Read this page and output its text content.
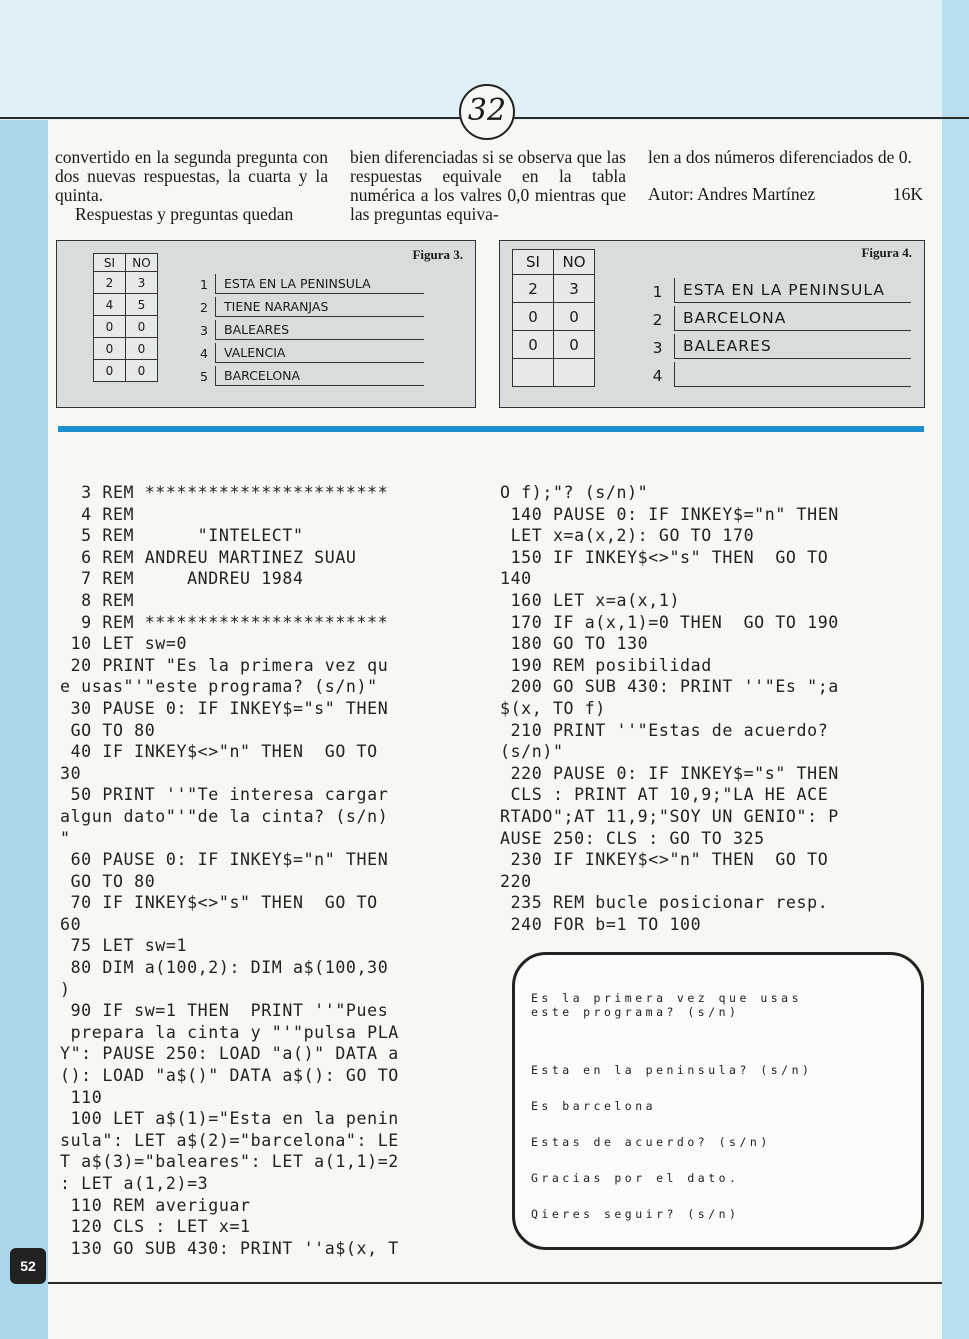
32

convertido en la segunda pregunta con dos nuevas respuestas, la cuarta y la quinta.

Respuestas y preguntas quedan

bien diferenciadas si se observa que las respuestas equivale en la tabla numérica a los valres 0,0 mientras que las preguntas equiva-

len a dos números diferenciados de 0.

Autor: Andres Martínez	16K
Figura 3.
SI	NO
2	3
4	5
0	0
0	0
0	0
1	ESTA EN LA PENINSULA
2	TIENE NARANJAS
3	BALEARES
4	VALENCIA
5	BARCELONA
Figura 4.
SI	NO
2	3
0	0
0	0

1	ESTA EN LA PENINSULA
2	BARCELONA
3	BALEARES
4
3 REM ***********************
4 REM
5 REM      "INTELECT"
6 REM ANDREU MARTINEZ SUAU
7 REM     ANDREU 1984
8 REM
9 REM ***********************
10 LET sw=0
20 PRINT "Es la primera vez qu
e usas"'"este programa? (s/n)"
30 PAUSE 0: IF INKEY$="s" THEN
GO TO 80
40 IF INKEY$<>"n" THEN  GO TO
30
50 PRINT ''"Te interesa cargar
algun dato"'"de la cinta? (s/n)
"
60 PAUSE 0: IF INKEY$="n" THEN
GO TO 80
70 IF INKEY$<>"s" THEN  GO TO
60
75 LET sw=1
80 DIM a(100,2): DIM a$(100,30
)
90 IF sw=1 THEN  PRINT ''"Pues
prepara la cinta y "'"pulsa PLA
Y": PAUSE 250: LOAD "a()" DATA a
(): LOAD "a$()" DATA a$(): GO TO
110
100 LET a$(1)="Esta en la penin
sula": LET a$(2)="barcelona": LE
T a$(3)="baleares": LET a(1,1)=2
: LET a(1,2)=3
110 REM averiguar
120 CLS : LET x=1
130 GO SUB 430: PRINT ''a$(x, T
O f);"? (s/n)"
140 PAUSE 0: IF INKEY$="n" THEN
LET x=a(x,2): GO TO 170
150 IF INKEY$<>"s" THEN  GO TO
140
160 LET x=a(x,1)
170 IF a(x,1)=0 THEN  GO TO 190
180 GO TO 130
190 REM posibilidad
200 GO SUB 430: PRINT ''"Es ";a
$(x, TO f)
210 PRINT ''"Estas de acuerdo?
(s/n)"
220 PAUSE 0: IF INKEY$="s" THEN
CLS : PRINT AT 10,9;"LA HE ACE
RTADO";AT 11,9;"SOY UN GENIO": P
AUSE 250: CLS : GO TO 325
230 IF INKEY$<>"n" THEN  GO TO
220
235 REM bucle posicionar resp.
240 FOR b=1 TO 100
Es la primera vez que usas
este programa? (s/n)
Esta en la peninsula? (s/n)
Es barcelona
Estas de acuerdo? (s/n)
Gracias por el dato.
Qieres seguir? (s/n)
52
